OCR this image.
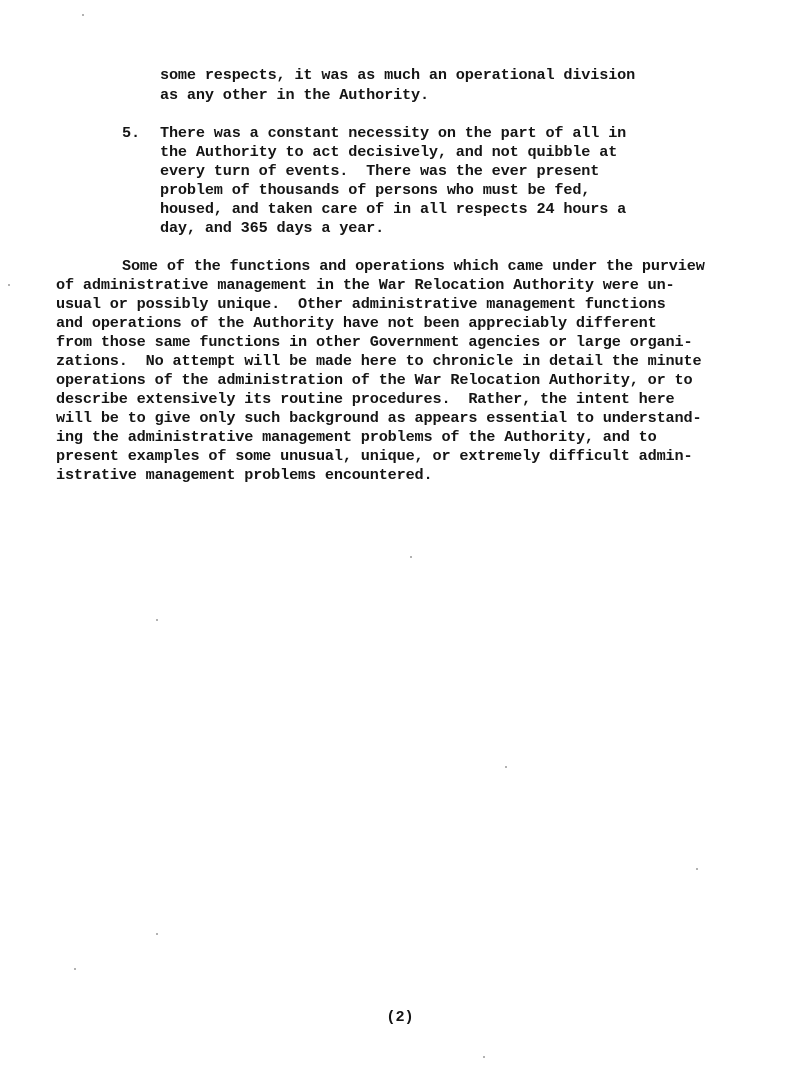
some respects, it was as much an operational division
as any other in the Authority.
5. There was a constant necessity on the part of all in
the Authority to act decisively, and not quibble at
every turn of events.  There was the ever present
problem of thousands of persons who must be fed,
housed, and taken care of in all respects 24 hours a
day, and 365 days a year.
Some of the functions and operations which came under the purview
of administrative management in the War Relocation Authority were un-
usual or possibly unique.  Other administrative management functions
and operations of the Authority have not been appreciably different
from those same functions in other Government agencies or large organi-
zations.  No attempt will be made here to chronicle in detail the minute
operations of the administration of the War Relocation Authority, or to
describe extensively its routine procedures.  Rather, the intent here
will be to give only such background as appears essential to understand-
ing the administrative management problems of the Authority, and to
present examples of some unusual, unique, or extremely difficult admin-
istrative management problems encountered.
(2)
